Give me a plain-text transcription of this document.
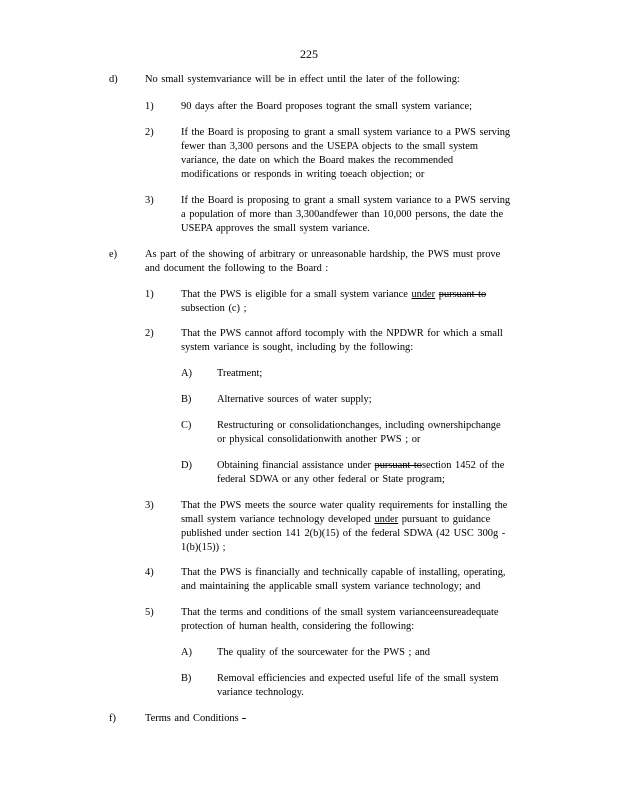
225
d)	No small systemvariance will be in effect until the later of the following:
1)	90 days after the Board proposes togrant the small system variance;
2)	If the Board is proposing to grant a small system variance to a PWS serving
fewer than 3,300 persons and the USEPA objects to the small system
variance, the date on which the Board makes the recommended
modifications or responds in writing toeach objection; or
3)	If the Board is proposing to grant a small system variance to a PWS serving
a population of more than 3,300andfewer than 10,000 persons, the date the
USEPA approves the small system variance.
e)	As part of the showing of arbitrary or unreasonable hardship, the PWS must prove
and document the following to the Board :
1)	That the PWS is eligible for a small system variance under pursuant to
subsection (c) ;
2)	That the PWS cannot afford tocomply with the NPDWR for which a small
system variance is sought, including by the following:
A) Treatment;
B) Alternative sources of water supply;
C) Restructuring or consolidationchanges, including ownershipchange
or physical consolidationwith another PWS ; or
D) Obtaining financial assistance under pursuant tosection 1452 of the
federal SDWA or any other federal or State program;
3)	That the PWS meets the source water quality requirements for installing the
small system variance technology developed under pursuant to guidance
published under section 141 2(b)(15) of the federal SDWA (42 USC 300g -
1(b)(15)) ;
4)	That the PWS is financially and technically capable of installing, operating,
and maintaining the applicable small system variance technology; and
5)	That the terms and conditions of the small system varianceensureadequate
protection of human health, considering the following:
A) The quality of the sourcewater for the PWS ; and
B) Removal efficiencies and expected useful life of the small system
variance technology.
f)	Terms and Conditions -
